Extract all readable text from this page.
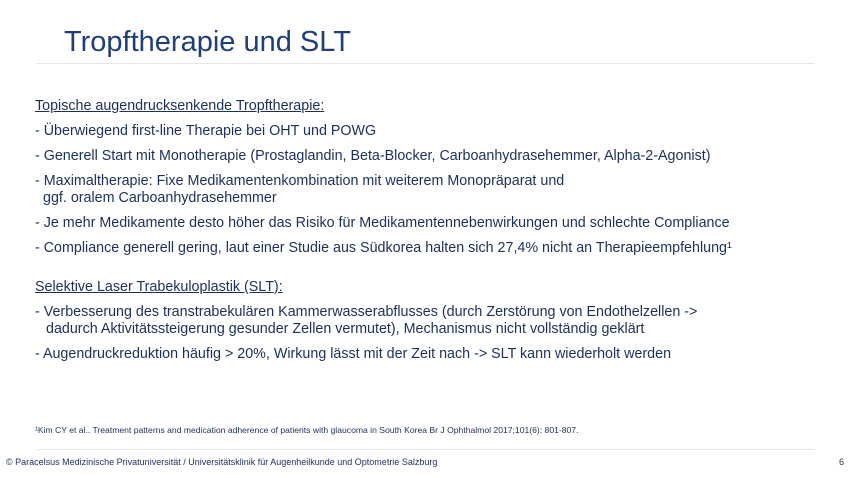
Tropftherapie und SLT
Topische augendrucksenkende Tropftherapie:
- Überwiegend first-line Therapie bei OHT und POWG
- Generell Start mit Monotherapie (Prostaglandin, Beta-Blocker, Carboanhydrasehemmer, Alpha-2-Agonist)
- Maximaltherapie: Fixe Medikamentenkombination mit weiterem Monopräparat und
ggf. oralem Carboanhydrasehemmer
- Je mehr Medikamente desto höher das Risiko für Medikamentennebenwirkungen und schlechte Compliance
- Compliance generell gering, laut einer Studie aus Südkorea halten sich 27,4% nicht an Therapieempfehlung¹
Selektive Laser Trabekuloplastik (SLT):
- Verbesserung des transtrabekulären Kammerwasserabflusses (durch Zerstörung von Endothelzellen ->
dadurch Aktivitätssteigerung gesunder Zellen vermutet), Mechanismus nicht vollständig geklärt
- Augendruckreduktion häufig > 20%, Wirkung lässt mit der Zeit nach -> SLT kann wiederholt werden
¹Kim CY et al.. Treatment patterns and medication adherence of patients with glaucoma in South Korea Br J Ophthalmol 2017;101(6): 801-807.
© Paracelsus Medizinische Privatuniversität / Universitätsklinik für Augenheilkunde und Optometrie Salzburg	6
